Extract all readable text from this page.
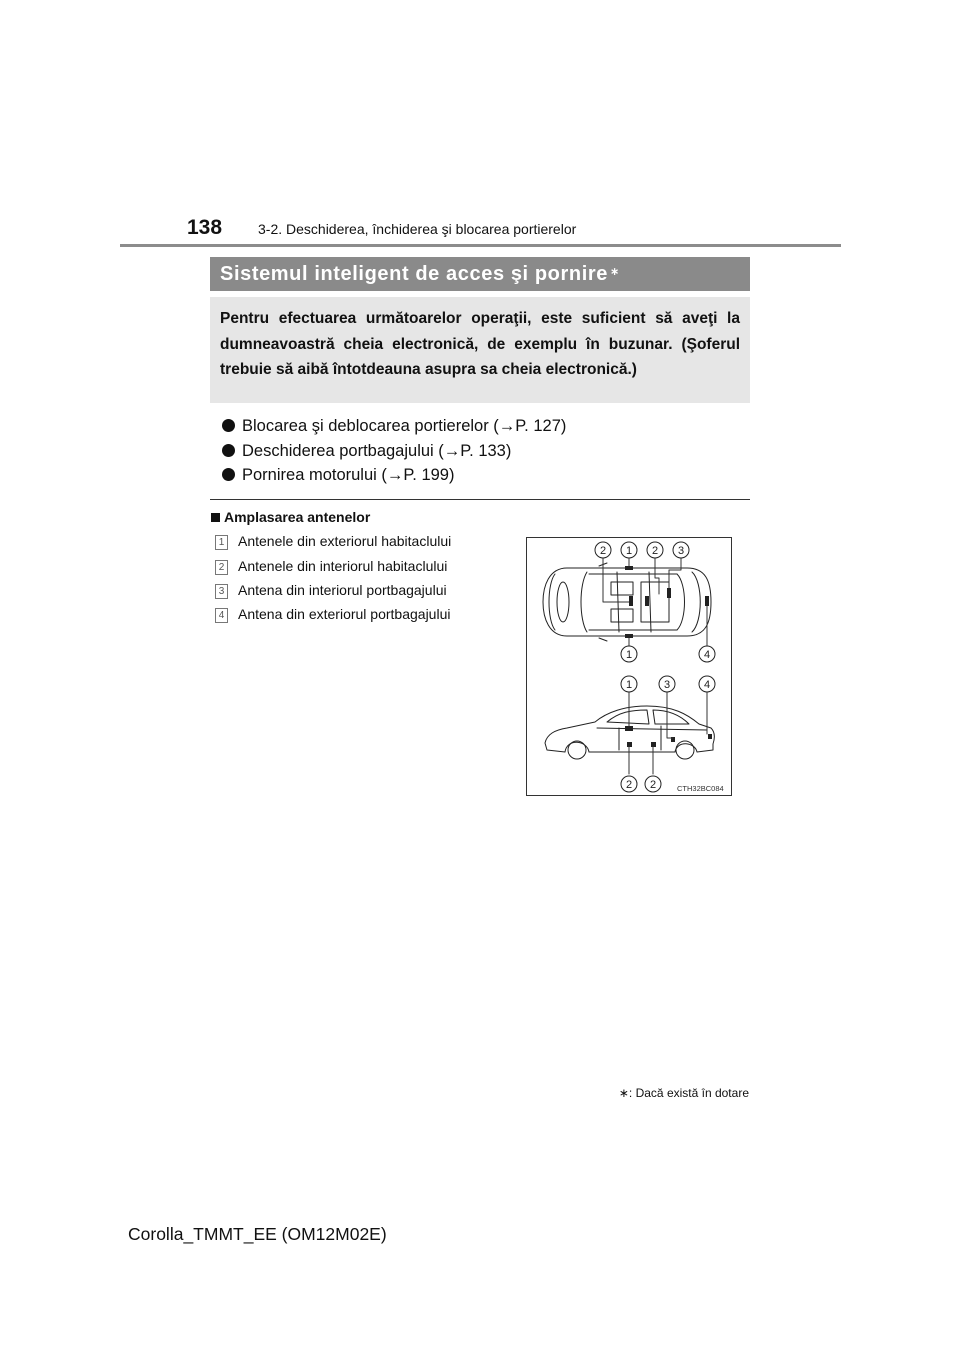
138	3-2. Deschiderea, închiderea şi blocarea portierelor
Sistemul inteligent de acces şi pornire ∗
Pentru efectuarea următoarelor operaţii, este suficient să aveţi la dumneavoastră cheia electronică, de exemplu în buzunar. (Şoferul trebuie să aibă întotdeauna asupra sa cheia electronică.)
Blocarea şi deblocarea portierelor (→P. 127)
Deschiderea portbagajului (→P. 133)
Pornirea motorului (→P. 199)
Amplasarea antenelor
1 Antenele din exteriorul habitaclului
2 Antenele din interiorul habitaclului
3 Antena din interiorul portbagajului
4 Antena din exteriorul portbagajului
2 1 2 3
1	4
1	3	4
2 2	CTH32BC084
∗: Dacă există în dotare
Corolla_TMMT_EE (OM12M02E)
